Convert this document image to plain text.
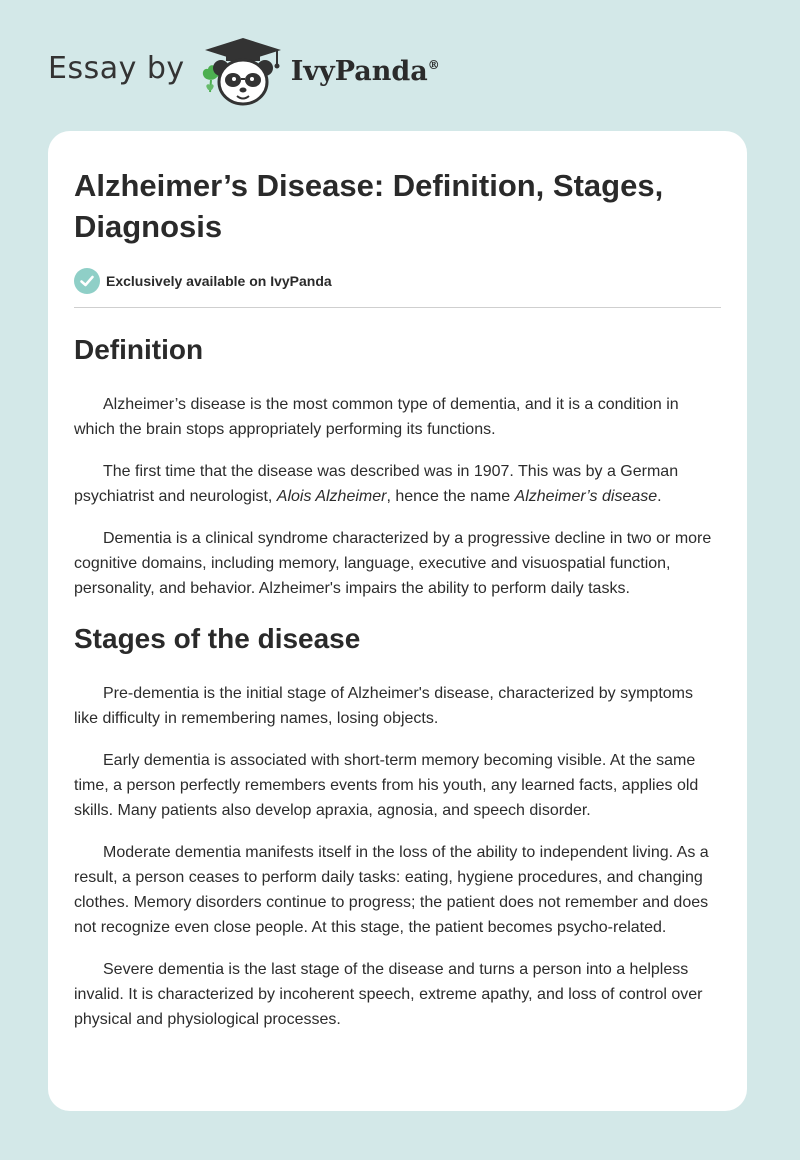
Essay by	IvyPanda®
Alzheimer’s Disease: Definition, Stages,
Diagnosis
Exclusively available on IvyPanda
Definition

Alzheimer’s disease is the most common type of dementia, and it is a condition in which the brain stops appropriately performing its functions.

The first time that the disease was described was in 1907. This was by a German psychiatrist and neurologist, Alois Alzheimer, hence the name Alzheimer’s disease.

Dementia is a clinical syndrome characterized by a progressive decline in two or more cognitive domains, including memory, language, executive and visuospatial function, personality, and behavior. Alzheimer's impairs the ability to perform daily tasks.

Stages of the disease

Pre-dementia is the initial stage of Alzheimer's disease, characterized by symptoms like difficulty in remembering names, losing objects.

Early dementia is associated with short-term memory becoming visible. At the same time, a person perfectly remembers events from his youth, any learned facts, applies old skills. Many patients also develop apraxia, agnosia, and speech disorder.

Moderate dementia manifests itself in the loss of the ability to independent living. As a result, a person ceases to perform daily tasks: eating, hygiene procedures, and changing clothes. Memory disorders continue to progress; the patient does not remember and does not recognize even close people. At this stage, the patient becomes psycho-related.

Severe dementia is the last stage of the disease and turns a person into a helpless invalid. It is characterized by incoherent speech, extreme apathy, and loss of control over physical and physiological processes.
